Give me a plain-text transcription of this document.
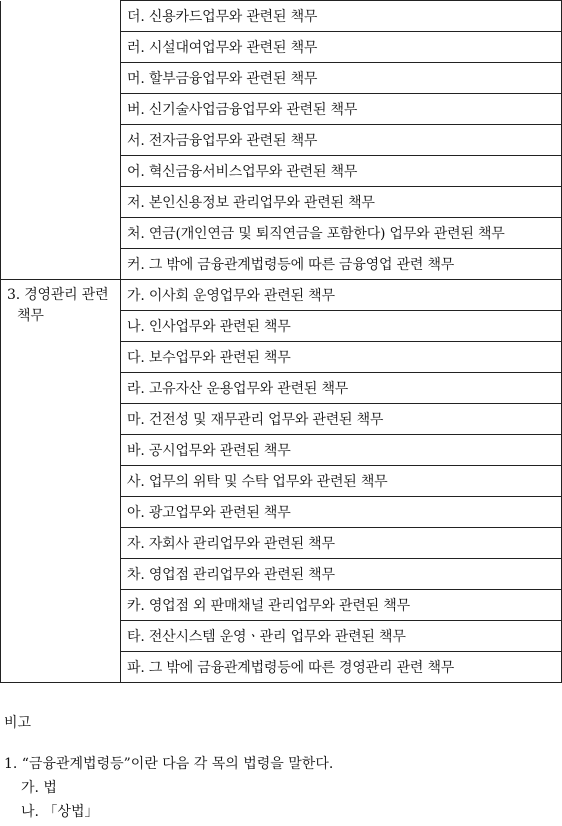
	더. 신용카드업무와 관련된 책무
	러. 시설대여업무와 관련된 책무
	머. 할부금융업무와 관련된 책무
	버. 신기술사업금융업무와 관련된 책무
	서. 전자금융업무와 관련된 책무
	어. 혁신금융서비스업무와 관련된 책무
	저. 본인신용정보 관리업무와 관련된 책무
	처. 연금(개인연금 및 퇴직연금을 포함한다) 업무와 관련된 책무
	커. 그 밖에 금융관계법령등에 따른 금융영업 관련 책무

3. 경영관리 관련
책무	가. 이사회 운영업무와 관련된 책무
	나. 인사업무와 관련된 책무
	다. 보수업무와 관련된 책무
	라. 고유자산 운용업무와 관련된 책무
	마. 건전성 및 재무관리 업무와 관련된 책무
	바. 공시업무와 관련된 책무
	사. 업무의 위탁 및 수탁 업무와 관련된 책무
	아. 광고업무와 관련된 책무
	자. 자회사 관리업무와 관련된 책무
	차. 영업점 관리업무와 관련된 책무
	카. 영업점 외 판매채널 관리업무와 관련된 책무
	타. 전산시스템 운영ㆍ관리 업무와 관련된 책무
	파. 그 밖에 금융관계법령등에 따른 경영관리 관련 책무
비고
1. “금융관계법령등”이란 다음 각 목의 법령을 말한다.
가. 법
나. 「상법」
